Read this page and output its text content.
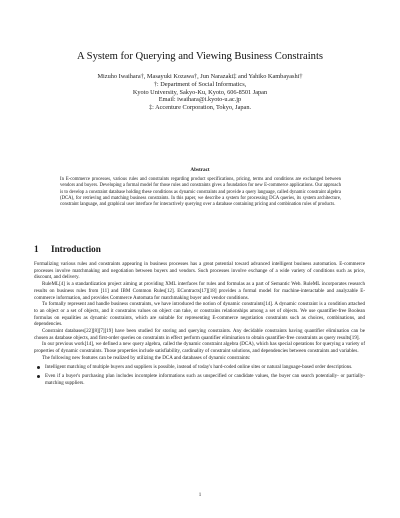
A System for Querying and Viewing Business Constraints
Mizuho Iwaihara†, Masayuki Kozawa†, Jun Narazaki‡ and Yahiko Kambayashi†
†: Department of Social Informatics,
Kyoto University, Sakyo-Ku, Kyoto, 606-8501 Japan
Email: iwaihara@i.kyoto-u.ac.jp
‡: Accenture Corporation, Tokyo, Japan.
Abstract
In E-commerce processes, various rules and constraints regarding product specifications, pricing, terms and conditions are exchanged between vendors and buyers. Developing a formal model for those rules and constraints gives a foundation for new E-commerce applications. Our approach is to develop a constraint database holding these conditions as dynamic constraints and provide a query language, called dynamic constraint algebra (DCA), for retrieving and matching business constraints. In this paper, we describe a system for processing DCA queries, its system architecture, constraint language, and graphical user interface for interactively querying over a database containing pricing and combination rules of products.
1 Introduction

Formalizing various rules and constraints appearing in business processes has a great potential toward advanced intelligent business automation. E-commerce processes involve matchmaking and negotiation between buyers and vendors. Such processes involve exchange of a wide variety of conditions such as price, discount, and delivery.

RuleML[4] is a standardization project aiming at providing XML interfaces for rules and formulas as a part of Semantic Web. RuleML incorporates research results on business rules from [11] and IBM Common Rules[12]. EContracts[17][18] provides a formal model for machine-interactable and analyzable E-commerce information, and provides Commerce Automata for matchmaking buyer and vendor conditions.

To formally represent and handle business constraints, we have introduced the notion of dynamic constraints[14]. A dynamic constraint is a condition attached to an object or a set of objects, and it constrains values on object can take, or constrains relationships among a set of objects. We use quantifier-free Boolean formulas on equalities as dynamic constraints, which are suitable for representing E-commerce negotiation constraints such as choices, combinations, and dependencies.

Constraint databases[22][8][7][19] have been studied for storing and querying constraints. Any decidable constraints having quantifier elimination can be chosen as database objects, and first-order queries on constraints in effect perform quantifier elimination to obtain quantifier-free constraints as query results[19].

In our previous work[14], we defined a new query algebra, called the dynamic constraint algebra (DCA), which has special operations for querying a variety of properties of dynamic constraints. Those properties include satisfiability, cardinality of constraint solutions, and dependencies between constraints and variables.

The following new features can be realized by utilizing the DCA and databases of dynamic constraints:

Intelligent matching of multiple buyers and suppliers is possible, instead of today's hard-coded online sites or natural language-based order descriptions.
Even if a buyer's purchasing plan includes incomplete informations such as unspecified or candidate values, the buyer can search potentially- or partially-matching suppliers.
1
